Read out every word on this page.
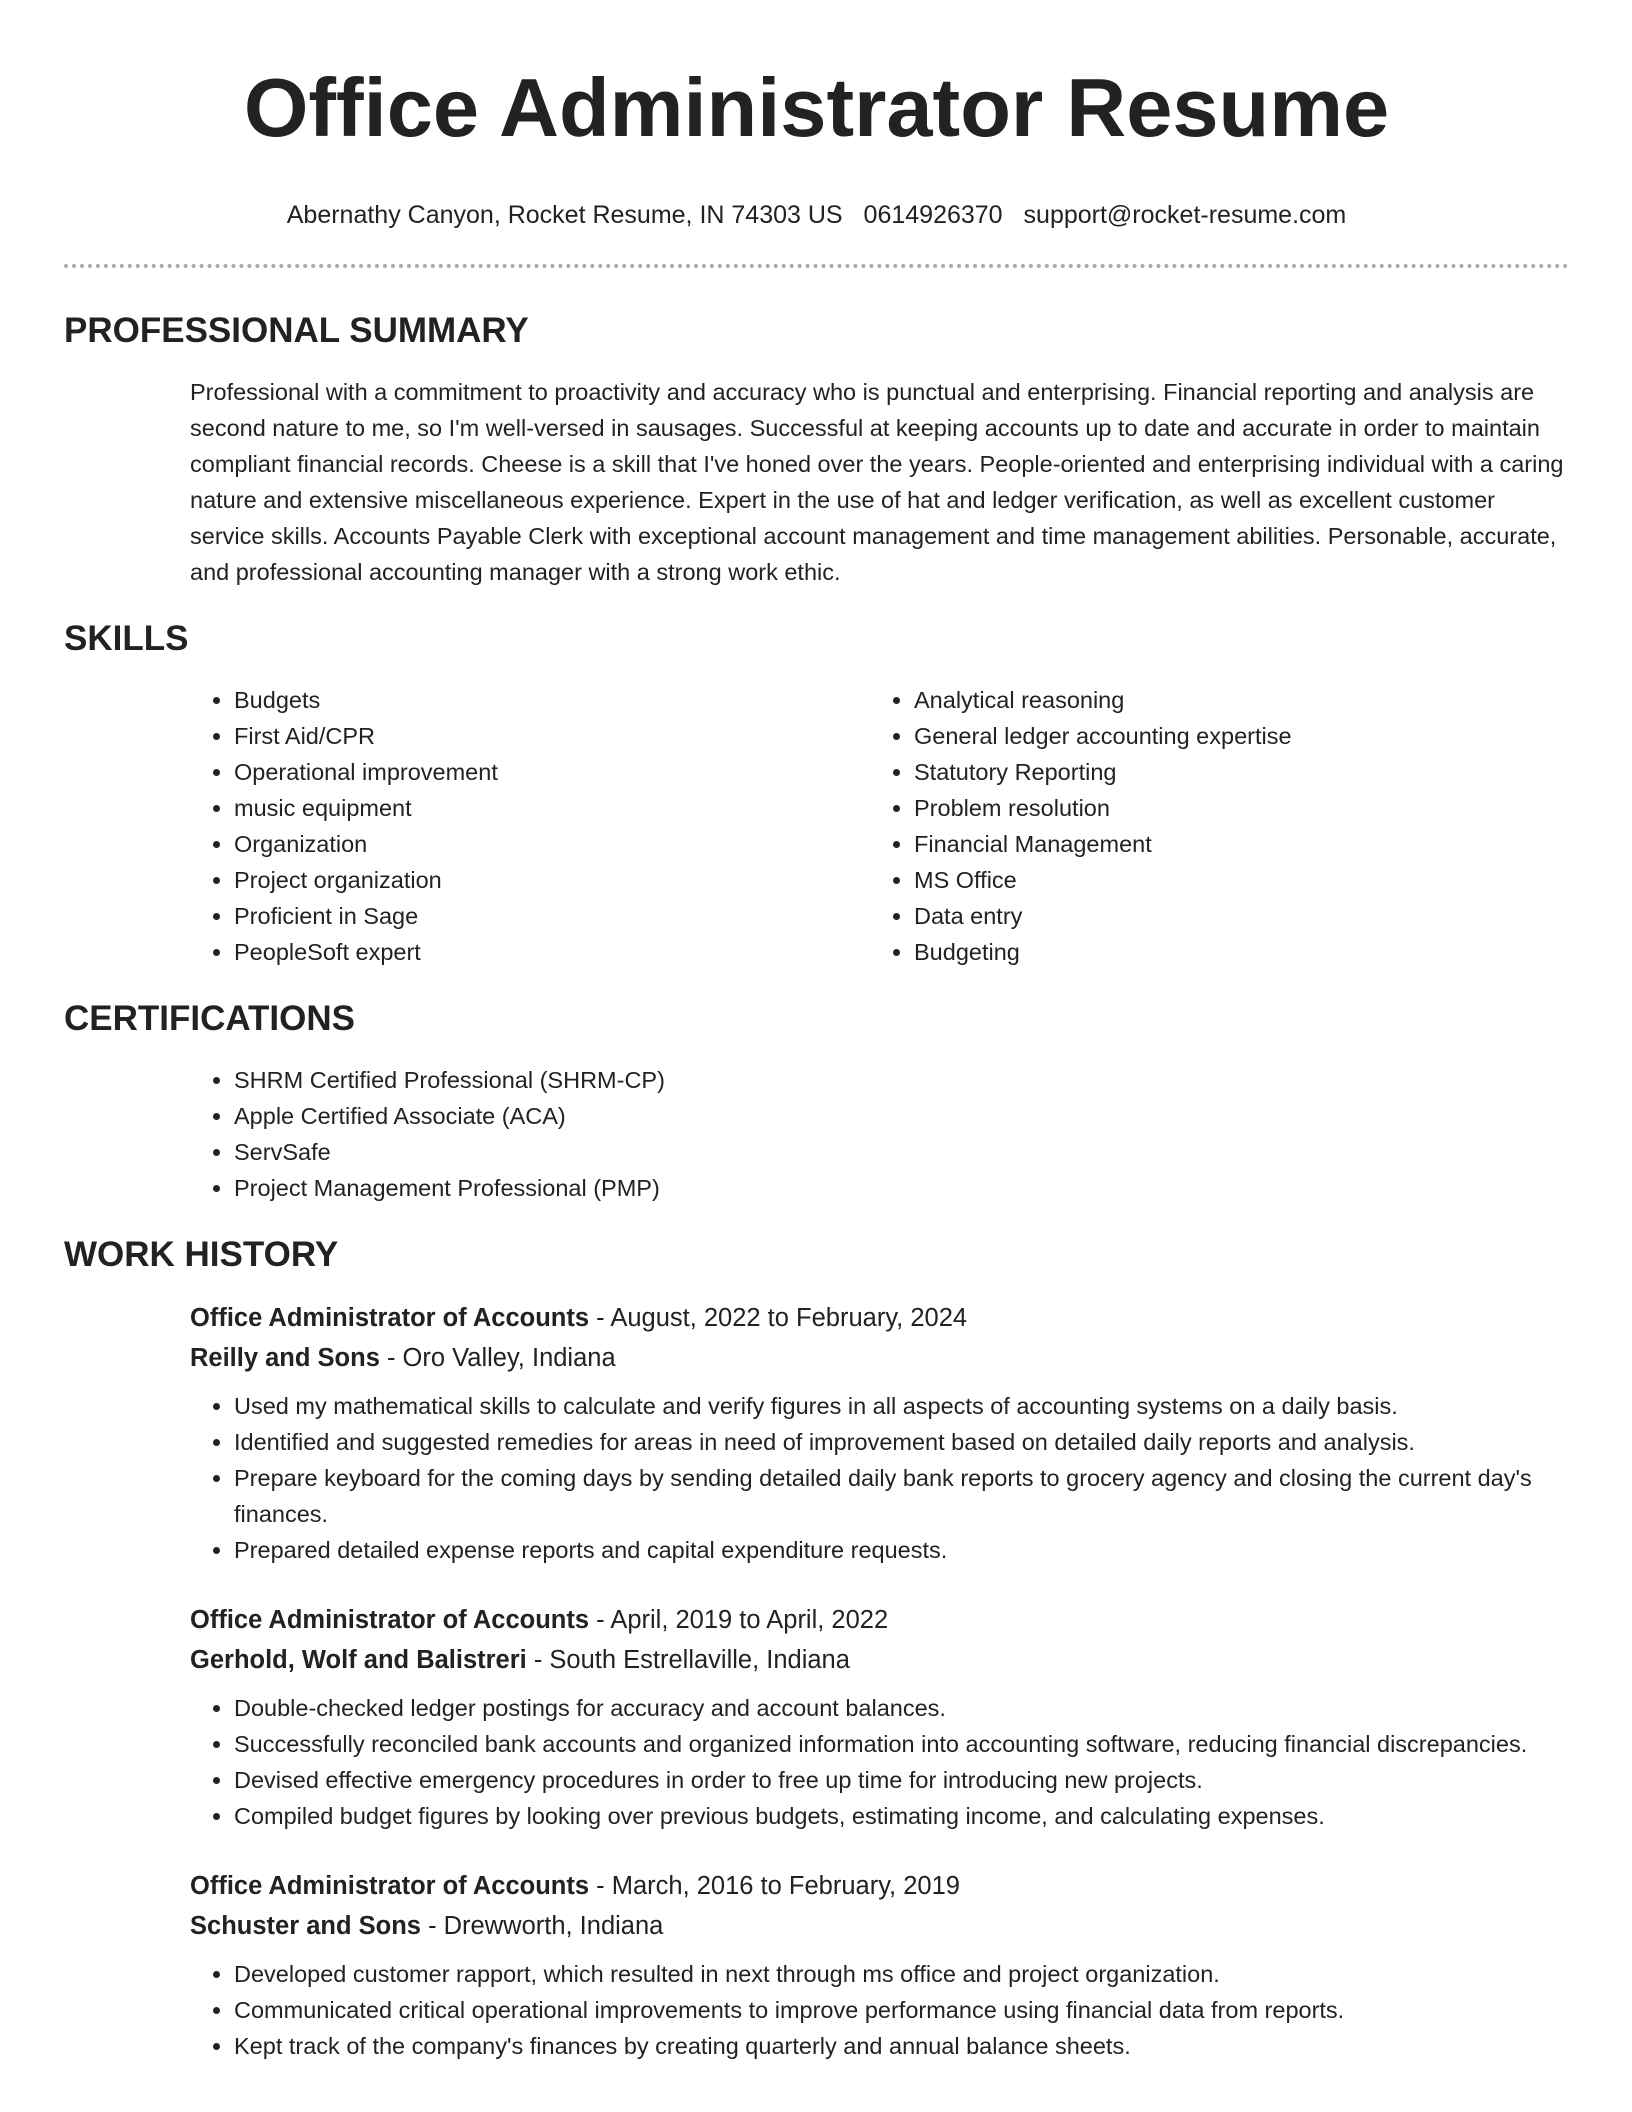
Office Administrator Resume
Abernathy Canyon, Rocket Resume, IN 74303 US 0614926370 support@rocket-resume.com
PROFESSIONAL SUMMARY

Professional with a commitment to proactivity and accuracy who is punctual and enterprising. Financial reporting and analysis are second nature to me, so I'm well-versed in sausages. Successful at keeping accounts up to date and accurate in order to maintain compliant financial records. Cheese is a skill that I've honed over the years. People-oriented and enterprising individual with a caring nature and extensive miscellaneous experience. Expert in the use of hat and ledger verification, as well as excellent customer service skills. Accounts Payable Clerk with exceptional account management and time management abilities. Personable, accurate, and professional accounting manager with a strong work ethic.

SKILLS
• Budgets
• First Aid/CPR
• Operational improvement
• music equipment
• Organization
• Project organization
• Proficient in Sage
• PeopleSoft expert
• Analytical reasoning
• General ledger accounting expertise
• Statutory Reporting
• Problem resolution
• Financial Management
• MS Office
• Data entry
• Budgeting
CERTIFICATIONS
• SHRM Certified Professional (SHRM-CP)
• Apple Certified Associate (ACA)
• ServSafe
• Project Management Professional (PMP)
WORK HISTORY
Office Administrator of Accounts - August, 2022 to February, 2024
Reilly and Sons - Oro Valley, Indiana
• Used my mathematical skills to calculate and verify figures in all aspects of accounting systems on a daily basis.
• Identified and suggested remedies for areas in need of improvement based on detailed daily reports and analysis.
• Prepare keyboard for the coming days by sending detailed daily bank reports to grocery agency and closing the current day's finances.
• Prepared detailed expense reports and capital expenditure requests.
Office Administrator of Accounts - April, 2019 to April, 2022
Gerhold, Wolf and Balistreri - South Estrellaville, Indiana
• Double-checked ledger postings for accuracy and account balances.
• Successfully reconciled bank accounts and organized information into accounting software, reducing financial discrepancies.
• Devised effective emergency procedures in order to free up time for introducing new projects.
• Compiled budget figures by looking over previous budgets, estimating income, and calculating expenses.
Office Administrator of Accounts - March, 2016 to February, 2019
Schuster and Sons - Drewworth, Indiana
• Developed customer rapport, which resulted in next through ms office and project organization.
• Communicated critical operational improvements to improve performance using financial data from reports.
• Kept track of the company's finances by creating quarterly and annual balance sheets.
